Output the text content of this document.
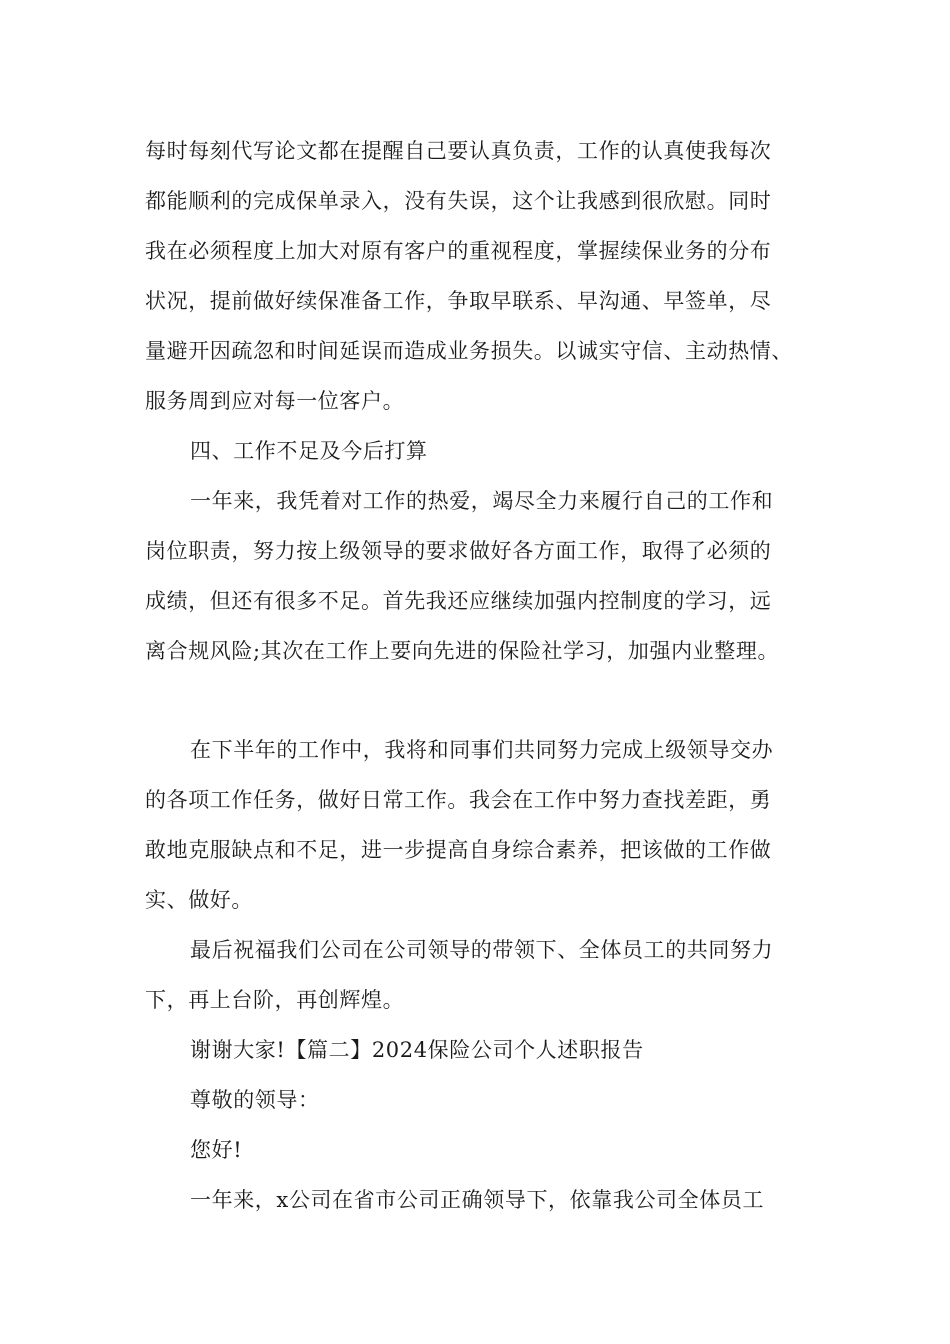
每时每刻代写论文都在提醒自己要认真负责，工作的认真使我每次
都能顺利的完成保单录入，没有失误，这个让我感到很欣慰。同时
我在必须程度上加大对原有客户的重视程度，掌握续保业务的分布
状况，提前做好续保准备工作，争取早联系、早沟通、早签单，尽
量避开因疏忽和时间延误而造成业务损失。以诚实守信、主动热情、
服务周到应对每一位客户。
四、工作不足及今后打算
一年来，我凭着对工作的热爱，竭尽全力来履行自己的工作和
岗位职责，努力按上级领导的要求做好各方面工作，取得了必须的
成绩，但还有很多不足。首先我还应继续加强内控制度的学习，远
离合规风险;其次在工作上要向先进的保险社学习，加强内业整理。
在下半年的工作中，我将和同事们共同努力完成上级领导交办
的各项工作任务，做好日常工作。我会在工作中努力查找差距，勇
敢地克服缺点和不足，进一步提高自身综合素养，把该做的工作做
实、做好。
最后祝福我们公司在公司领导的带领下、全体员工的共同努力
下，再上台阶，再创辉煌。
谢谢大家!【篇二】2024保险公司个人述职报告
尊敬的领导：
您好!
一年来，x公司在省市公司正确领导下，依靠我公司全体员工
